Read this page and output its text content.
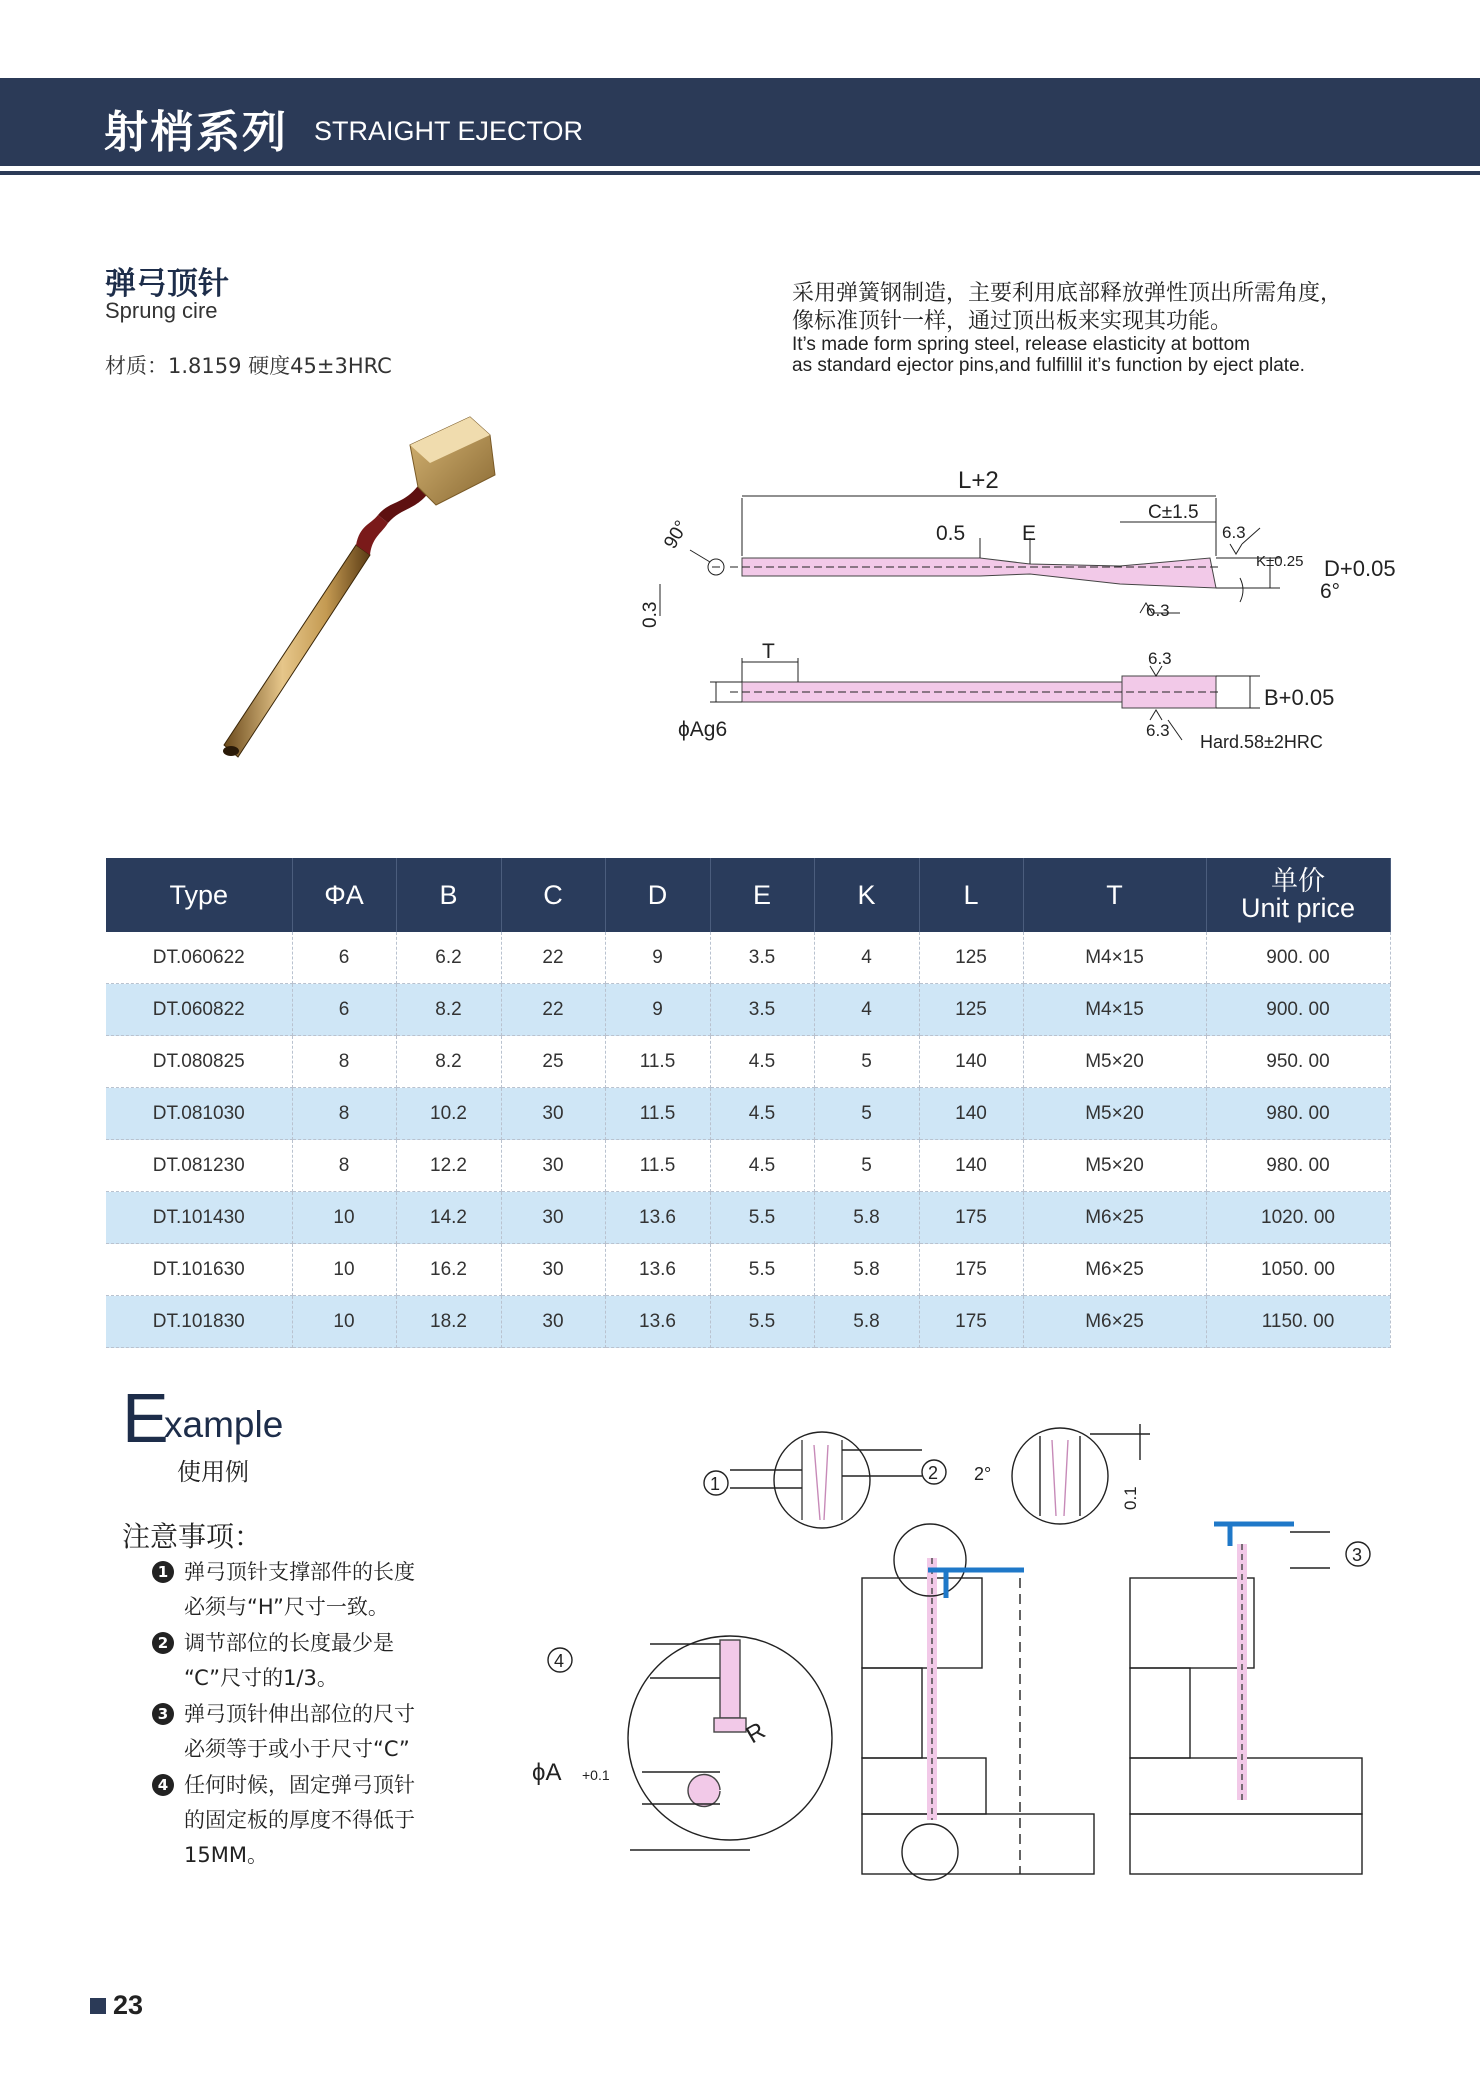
射梢系列 STRAIGHT EJECTOR
弹弓顶针
Sprung cire
材质：1.8159 硬度45±3HRC
采用弹簧钢制造，主要利用底部释放弹性顶出所需角度，
像标准顶针一样，通过顶出板来实现其功能。
It’s made form spring steel, release elasticity at bottom
as standard ejector pins,and fulfillil it’s function by eject plate.
L+2
C±1.5
0.5	E	6.3
K±0.25 D+0.05
6°
6.3
90°
0.3
T
ϕAg6
6.3
6.3
B+0.05
Hard.58±2HRC
Type	ΦA	B	C	D	E	K	L	T	单价
Unit price

DT.060622	6	6.2	22	9	3.5	4	125	M4×15	900. 00
DT.060822	6	8.2	22	9	3.5	4	125	M4×15	900. 00
DT.080825	8	8.2	25	11.5	4.5	5	140	M5×20	950. 00
DT.081030	8	10.2	30	11.5	4.5	5	140	M5×20	980. 00
DT.081230	8	12.2	30	11.5	4.5	5	140	M5×20	980. 00
DT.101430	10	14.2	30	13.6	5.5	5.8	175	M6×25	1020. 00
DT.101630	10	16.2	30	13.6	5.5	5.8	175	M6×25	1050. 00
DT.101830	10	18.2	30	13.6	5.5	5.8	175	M6×25	1150. 00
E
xample
使用例
注意事项：
1 弹弓顶针支撑部件的长度
必须与“H”尺寸一致。
2 调节部位的长度最少是
“C”尺寸的1/3。
3 弹弓顶针伸出部位的尺寸
必须等于或小于尺寸“C”
4 任何时候，固定弹弓顶针
的固定板的厚度不得低于
15MM。
1
2
3
4
2°
0.1
ϕA +0.1
R
23
